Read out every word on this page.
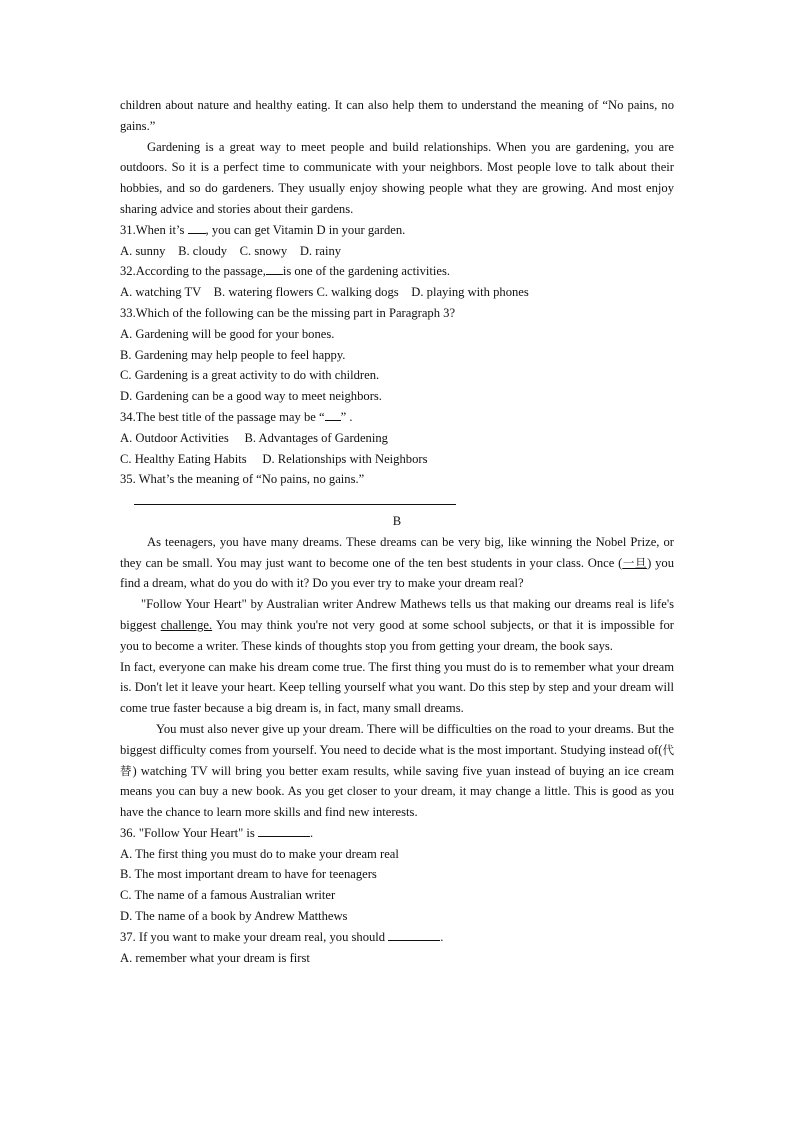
children about nature and healthy eating. It can also help them to understand the meaning of “No pains, no gains.”

Gardening is a great way to meet people and build relationships. When you are gardening, you are outdoors. So it is a perfect time to communicate with your neighbors. Most people love to talk about their hobbies, and so do gardeners. They usually enjoy showing people what they are growing. And most enjoy sharing advice and stories about their gardens.

31.When it’s , you can get Vitamin D in your garden.

A. sunny    B. cloudy    C. snowy    D. rainy

32.According to the passage, is one of the gardening activities.

A. watching TV    B. watering flowers C. walking dogs    D. playing with phones

33.Which of the following can be the missing part in Paragraph 3?

A. Gardening will be good for your bones.

B. Gardening may help people to feel happy.

C. Gardening is a great activity to do with children.

D. Gardening can be a good way to meet neighbors.

34.The best title of the passage may be “ ” .

A. Outdoor Activities     B. Advantages of Gardening

C. Healthy Eating Habits     D. Relationships with Neighbors

35. What’s the meaning of “No pains, no gains.”

B

As teenagers, you have many dreams. These dreams can be very big, like winning the Nobel Prize, or they can be small. You may just want to become one of the ten best students in your class. Once (一旦) you find a dream, what do you do with it? Do you ever try to make your dream real?

"Follow Your Heart" by Australian writer Andrew Mathews tells us that making our dreams real is life's biggest challenge. You may think you're not very good at some school subjects, or that it is impossible for you to become a writer. These kinds of thoughts stop you from getting your dream, the book says.

In fact, everyone can make his dream come true. The first thing you must do is to remember what your dream is. Don't let it leave your heart. Keep telling yourself what you want. Do this step by step and your dream will come true faster because a big dream is, in fact, many small dreams.

You must also never give up your dream. There will be difficulties on the road to your dreams. But the biggest difficulty comes from yourself. You need to decide what is the most important. Studying instead of(代替) watching TV will bring you better exam results, while saving five yuan instead of buying an ice cream means you can buy a new book. As you get closer to your dream, it may change a little. This is good as you have the chance to learn more skills and find new interests.

36. "Follow Your Heart" is	.

A. The first thing you must do to make your dream real

B. The most important dream to have for teenagers

C. The name of a famous Australian writer

D. The name of a book by Andrew Matthews

37. If you want to make your dream real, you should	.

A. remember what your dream is first
